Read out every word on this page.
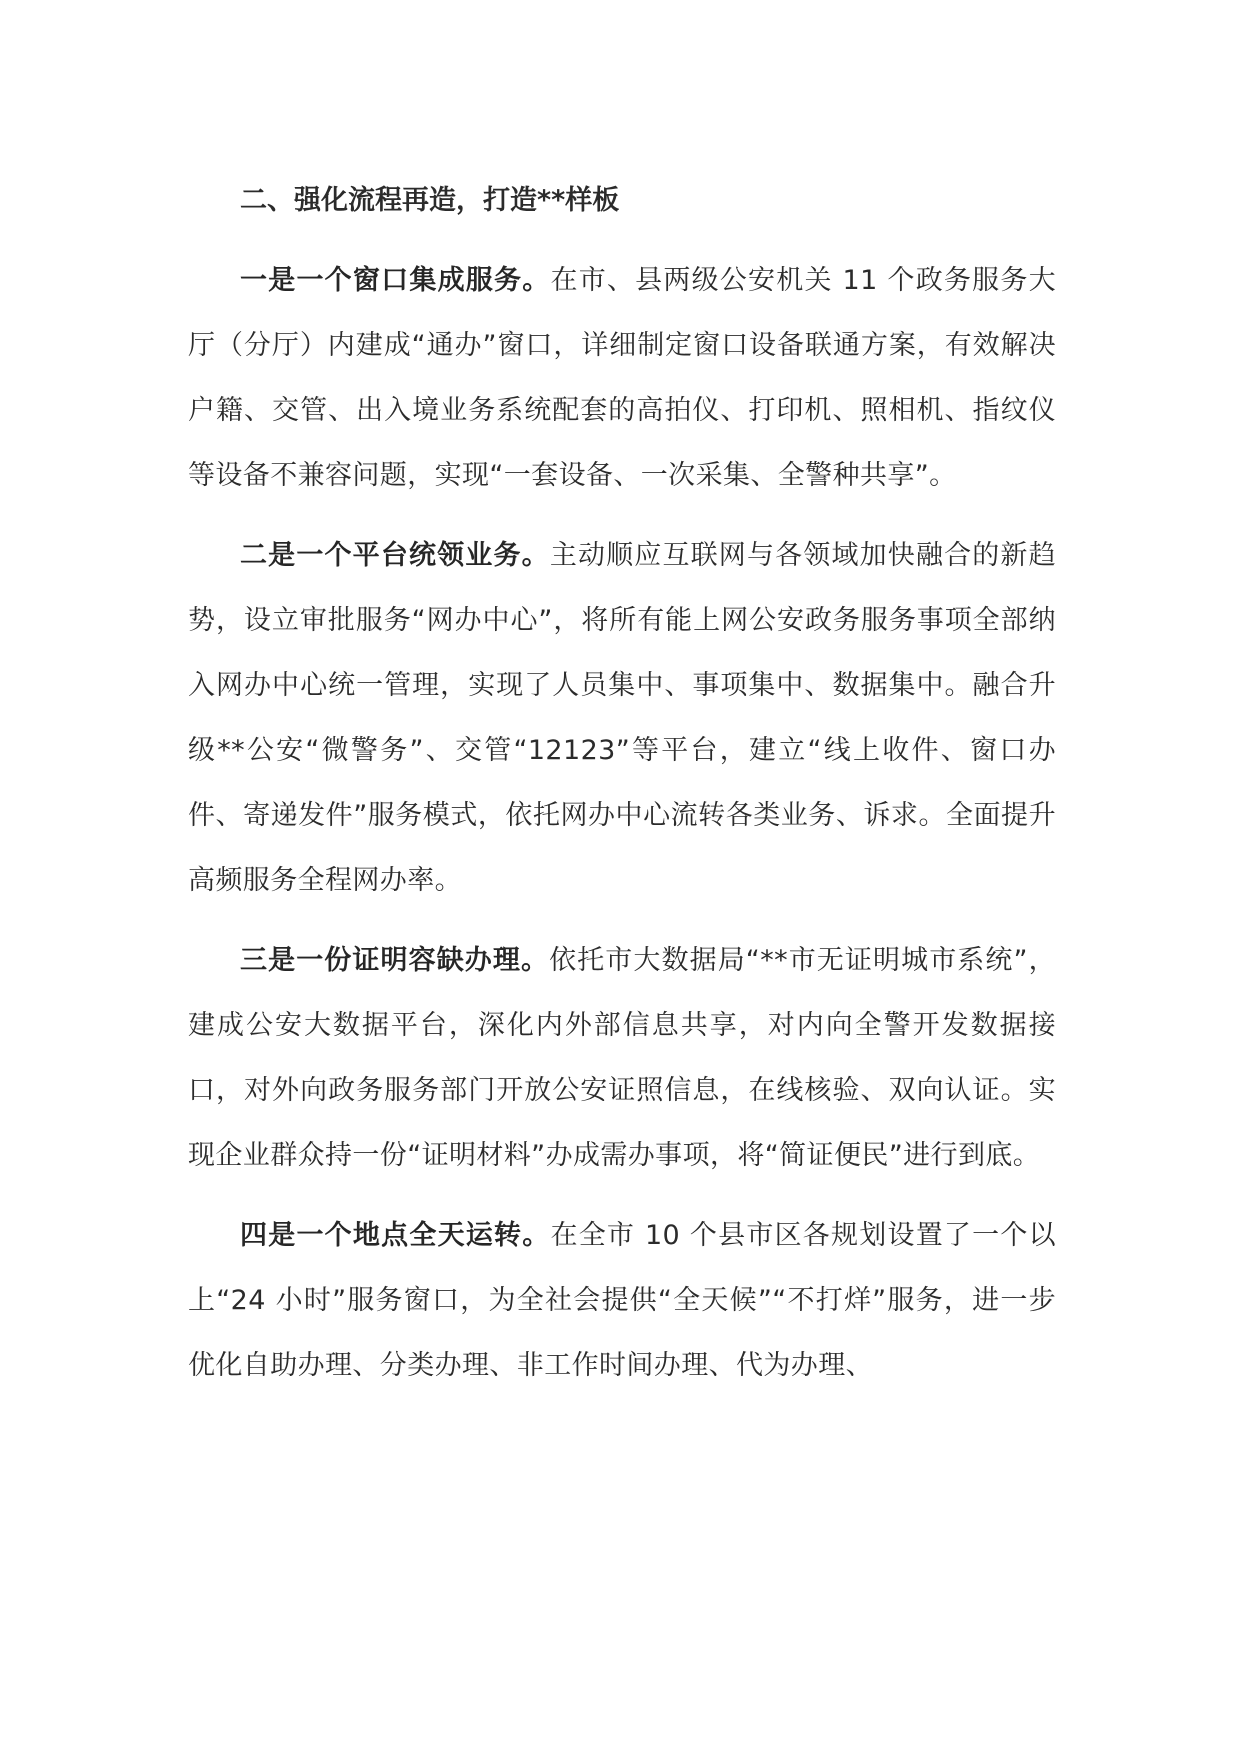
二、强化流程再造，打造**样板

一是一个窗口集成服务。在市、县两级公安机关 11 个政务服务大厅（分厅）内建成“通办”窗口，详细制定窗口设备联通方案，有效解决户籍、交管、出入境业务系统配套的高拍仪、打印机、照相机、指纹仪等设备不兼容问题，实现“一套设备、一次采集、全警种共享”。

二是一个平台统领业务。主动顺应互联网与各领域加快融合的新趋势，设立审批服务“网办中心”，将所有能上网公安政务服务事项全部纳入网办中心统一管理，实现了人员集中、事项集中、数据集中。融合升级**公安“微警务”、交管“12123”等平台，建立“线上收件、窗口办件、寄递发件”服务模式，依托网办中心流转各类业务、诉求。全面提升高频服务全程网办率。

三是一份证明容缺办理。依托市大数据局“**市无证明城市系统”，建成公安大数据平台，深化内外部信息共享，对内向全警开发数据接口，对外向政务服务部门开放公安证照信息，在线核验、双向认证。实现企业群众持一份“证明材料”办成需办事项，将“简证便民”进行到底。

四是一个地点全天运转。在全市 10 个县市区各规划设置了一个以上“24 小时”服务窗口，为全社会提供“全天候”“不打烊”服务，进一步优化自助办理、分类办理、非工作时间办理、代为办理、
